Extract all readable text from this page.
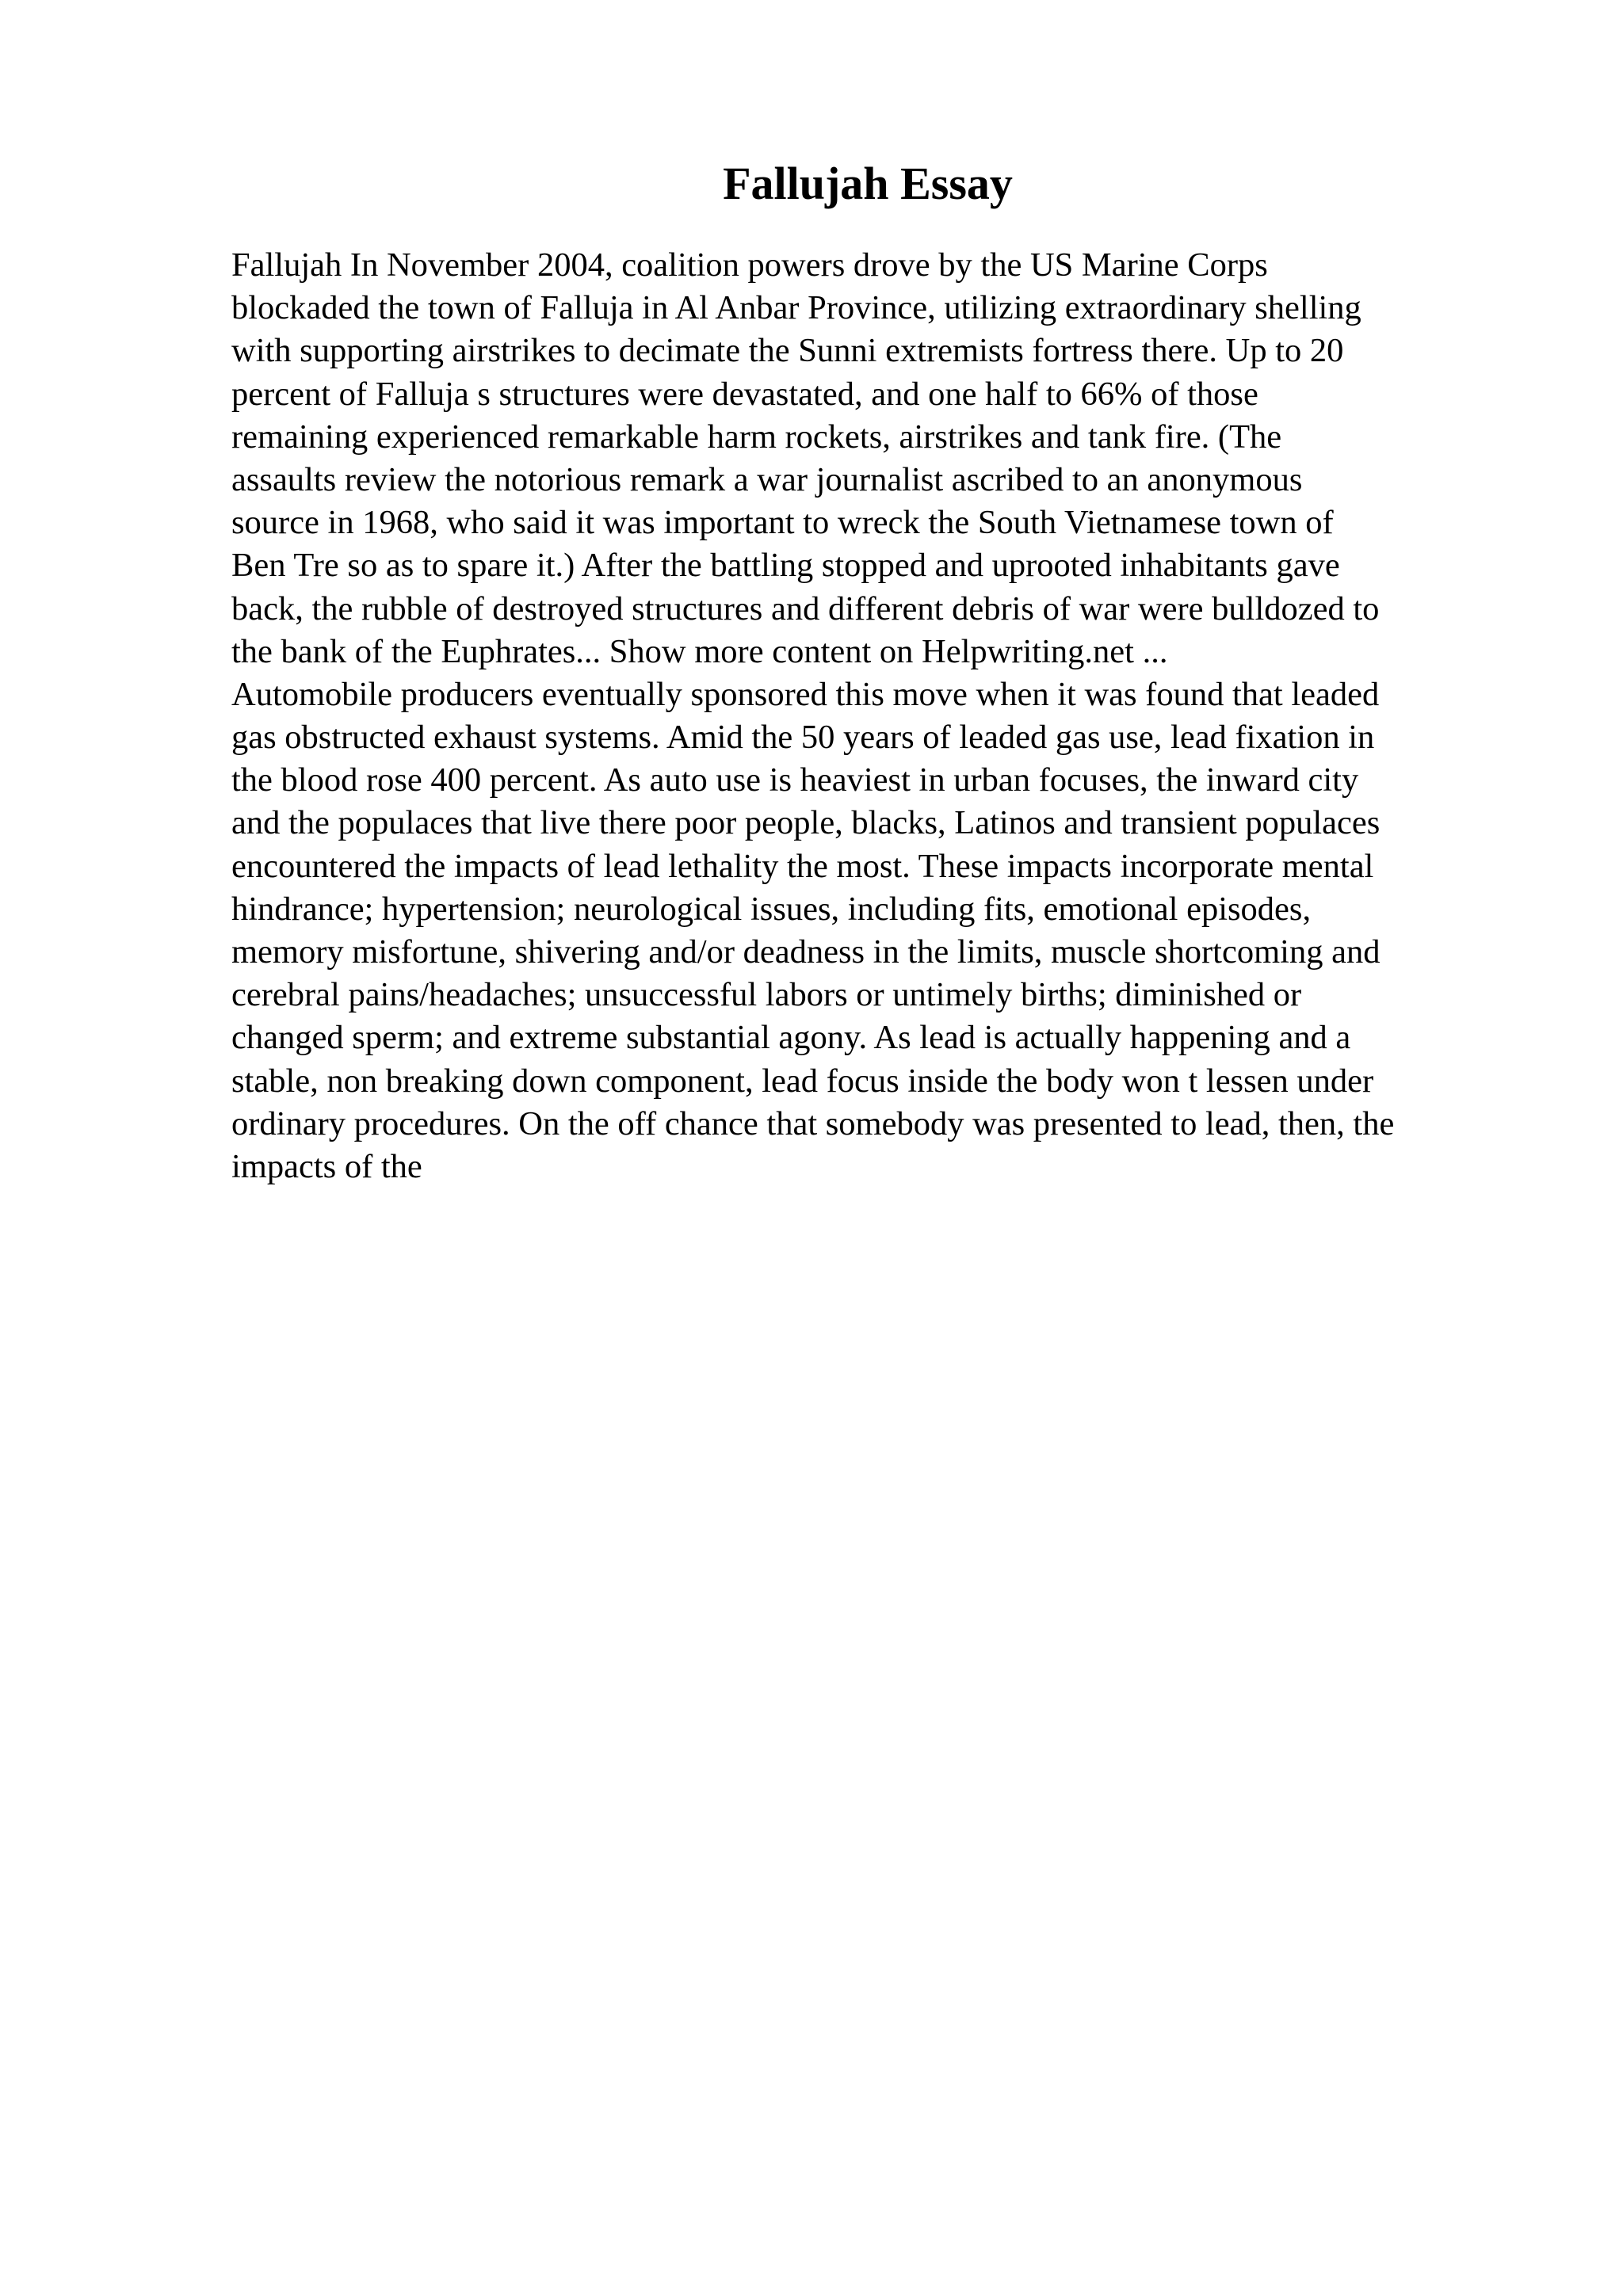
Fallujah Essay
Fallujah In November 2004, coalition powers drove by the US Marine Corps
blockaded the town of Falluja in Al Anbar Province, utilizing extraordinary shelling
with supporting airstrikes to decimate the Sunni extremists fortress there. Up to 20
percent of Falluja s structures were devastated, and one half to 66% of those
remaining experienced remarkable harm rockets, airstrikes and tank fire. (The
assaults review the notorious remark a war journalist ascribed to an anonymous
source in 1968, who said it was important to wreck the South Vietnamese town of
Ben Tre so as to spare it.) After the battling stopped and uprooted inhabitants gave
back, the rubble of destroyed structures and different debris of war were bulldozed to
the bank of the Euphrates... Show more content on Helpwriting.net ...
Automobile producers eventually sponsored this move when it was found that leaded
gas obstructed exhaust systems. Amid the 50 years of leaded gas use, lead fixation in
the blood rose 400 percent. As auto use is heaviest in urban focuses, the inward city
and the populaces that live there poor people, blacks, Latinos and transient populaces
encountered the impacts of lead lethality the most. These impacts incorporate mental
hindrance; hypertension; neurological issues, including fits, emotional episodes,
memory misfortune, shivering and/or deadness in the limits, muscle shortcoming and
cerebral pains/headaches; unsuccessful labors or untimely births; diminished or
changed sperm; and extreme substantial agony. As lead is actually happening and a
stable, non breaking down component, lead focus inside the body won t lessen under
ordinary procedures. On the off chance that somebody was presented to lead, then, the
impacts of the
